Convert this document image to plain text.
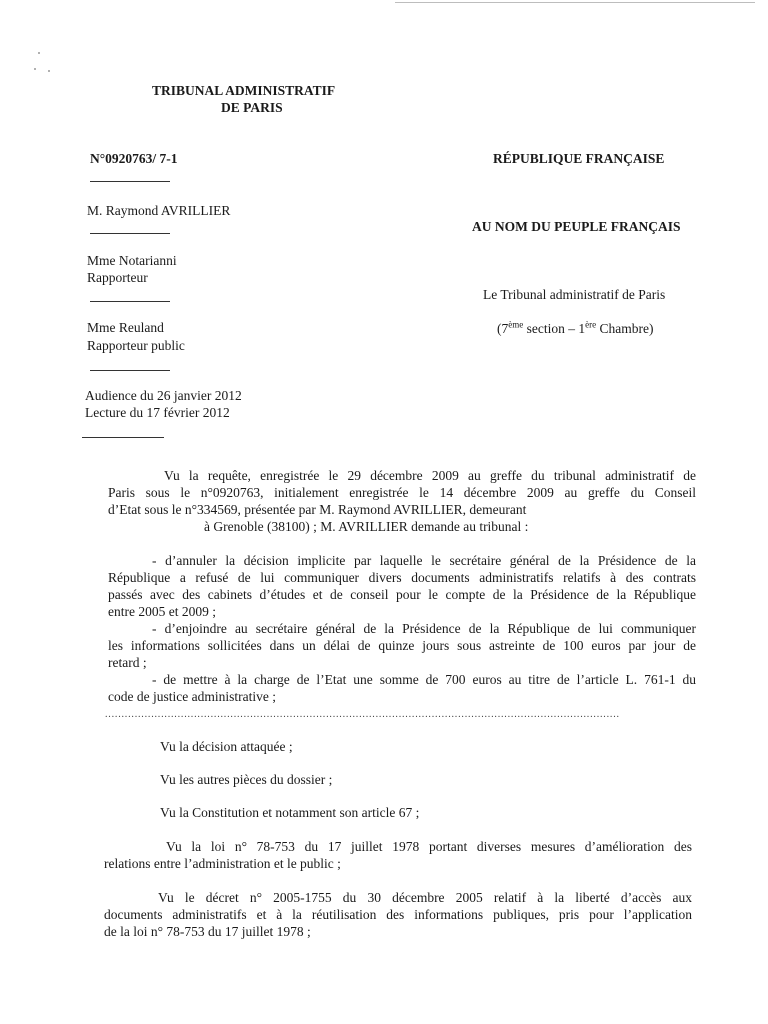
TRIBUNAL ADMINISTRATIF
DE PARIS
N°0920763/ 7-1
M. Raymond AVRILLIER
Mme Notarianni
Rapporteur
Mme Reuland
Rapporteur public
Audience du 26 janvier 2012
Lecture du 17 février 2012
RÉPUBLIQUE FRANÇAISE
AU NOM DU PEUPLE FRANÇAIS
Le Tribunal administratif de Paris
(7ème section – 1ère Chambre)
Vu la requête, enregistrée le 29 décembre 2009 au greffe du tribunal administratif de
Paris sous le n°0920763, initialement enregistrée le 14 décembre 2009 au greffe du Conseil
d’Etat sous le n°334569, présentée par M. Raymond AVRILLIER, demeurant
à Grenoble (38100) ; M. AVRILLIER demande au tribunal :
- d’annuler la décision implicite par laquelle le secrétaire général de la Présidence de la
République a refusé de lui communiquer divers documents administratifs relatifs à des contrats
passés avec des cabinets d’études et de conseil pour le compte de la Présidence de la République
entre 2005 et 2009 ;
- d’enjoindre au secrétaire général de la Présidence de la République de lui communiquer
les informations sollicitées dans un délai de quinze jours sous astreinte de 100 euros par jour de
retard ;
- de mettre à la charge de l’Etat une somme de 700 euros au titre de l’article L. 761-1 du
code de justice administrative ;
............................................................................................................................................................
Vu la décision attaquée ;
Vu les autres pièces du dossier ;
Vu la Constitution et notamment son article 67 ;
Vu la loi n° 78-753 du 17 juillet 1978 portant diverses mesures d’amélioration des
relations entre l’administration et le public ;
Vu le décret n° 2005-1755 du 30 décembre 2005 relatif à la liberté d’accès aux
documents administratifs et à la réutilisation des informations publiques, pris pour l’application
de la loi n° 78-753 du 17 juillet 1978 ;
